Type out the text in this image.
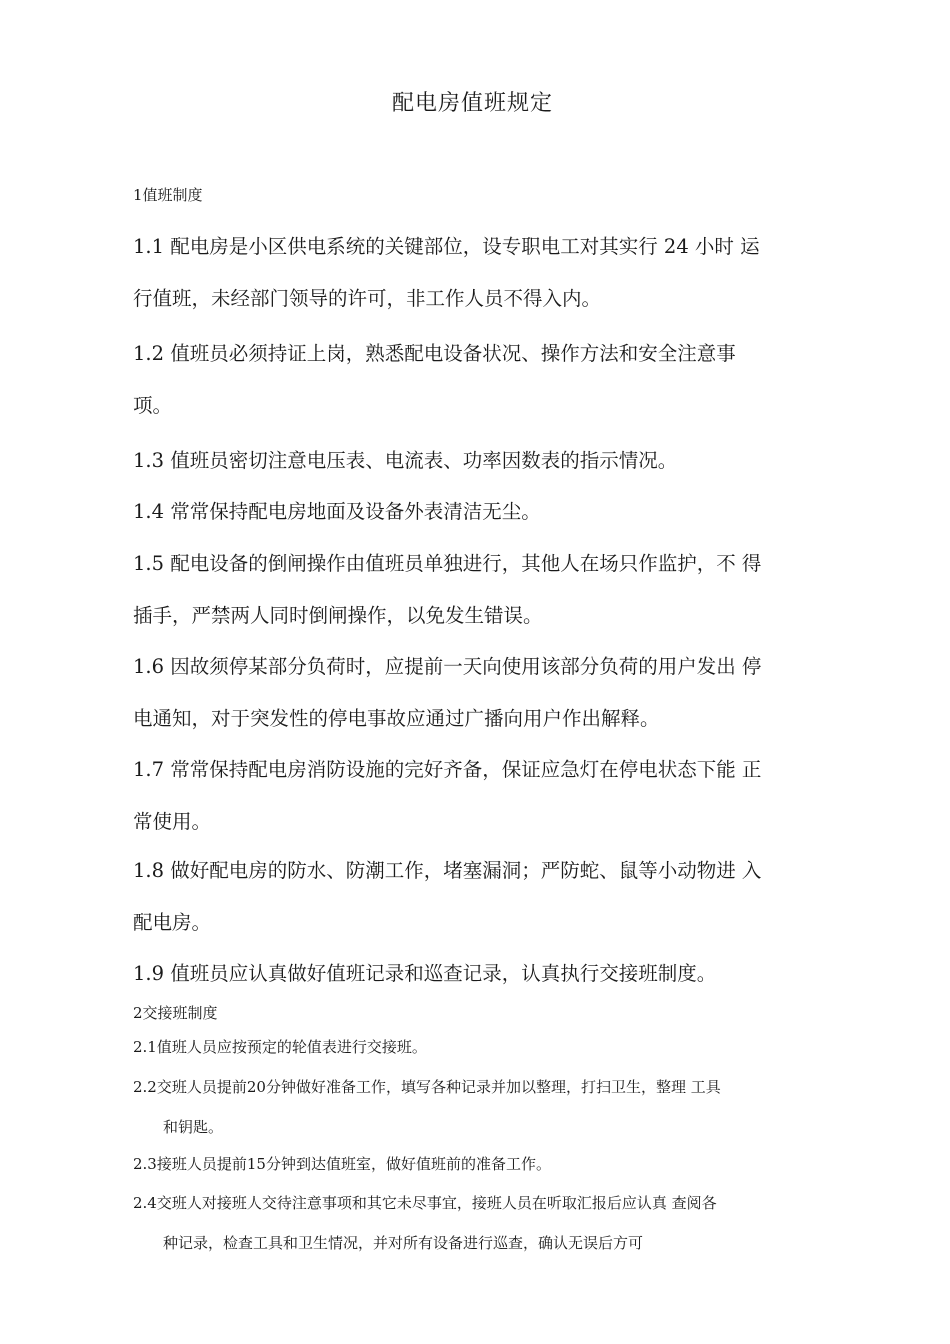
配电房值班规定
1值班制度
1.1 配电房是小区供电系统的关键部位，设专职电工对其实行 24 小时 运
行值班，未经部门领导的许可，非工作人员不得入内。
1.2 值班员必须持证上岗，熟悉配电设备状况、操作方法和安全注意事
项。
1.3 值班员密切注意电压表、电流表、功率因数表的指示情况。
1.4 常常保持配电房地面及设备外表清洁无尘。
1.5 配电设备的倒闸操作由值班员单独进行，其他人在场只作监护，不 得
插手，严禁两人同时倒闸操作，以免发生错误。
1.6 因故须停某部分负荷时，应提前一天向使用该部分负荷的用户发出 停
电通知，对于突发性的停电事故应通过广播向用户作出解释。
1.7 常常保持配电房消防设施的完好齐备，保证应急灯在停电状态下能 正
常使用。
1.8 做好配电房的防水、防潮工作，堵塞漏洞；严防蛇、鼠等小动物进 入
配电房。
1.9 值班员应认真做好值班记录和巡查记录，认真执行交接班制度。
2交接班制度
2.1值班人员应按预定的轮值表进行交接班。
2.2交班人员提前20分钟做好准备工作，填写各种记录并加以整理，打扫卫生，整理 工具
和钥匙。
2.3接班人员提前15分钟到达值班室，做好值班前的准备工作。
2.4交班人对接班人交待注意事项和其它未尽事宜，接班人员在听取汇报后应认真 查阅各
种记录，检查工具和卫生情况，并对所有设备进行巡查，确认无误后方可
